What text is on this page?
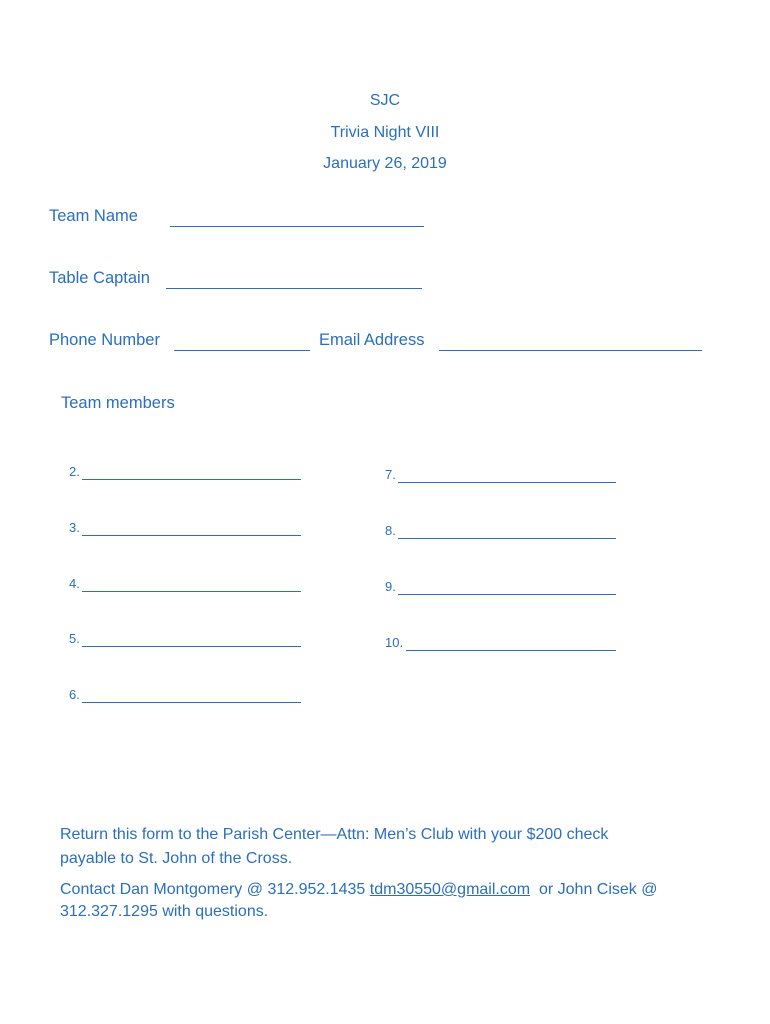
SJC
Trivia Night VIII
January 26, 2019
Team Name
Table Captain
Phone Number	Email Address
Team members
2.
3.
4.
5.
6.
7.
8.
9.
10.
Return this form to the Parish Center—Attn: Men’s Club with your $200 check
payable to St. John of the Cross.
Contact Dan Montgomery @ 312.952.1435 tdm30550@gmail.com or John Cisek @
312.327.1295 with questions.
